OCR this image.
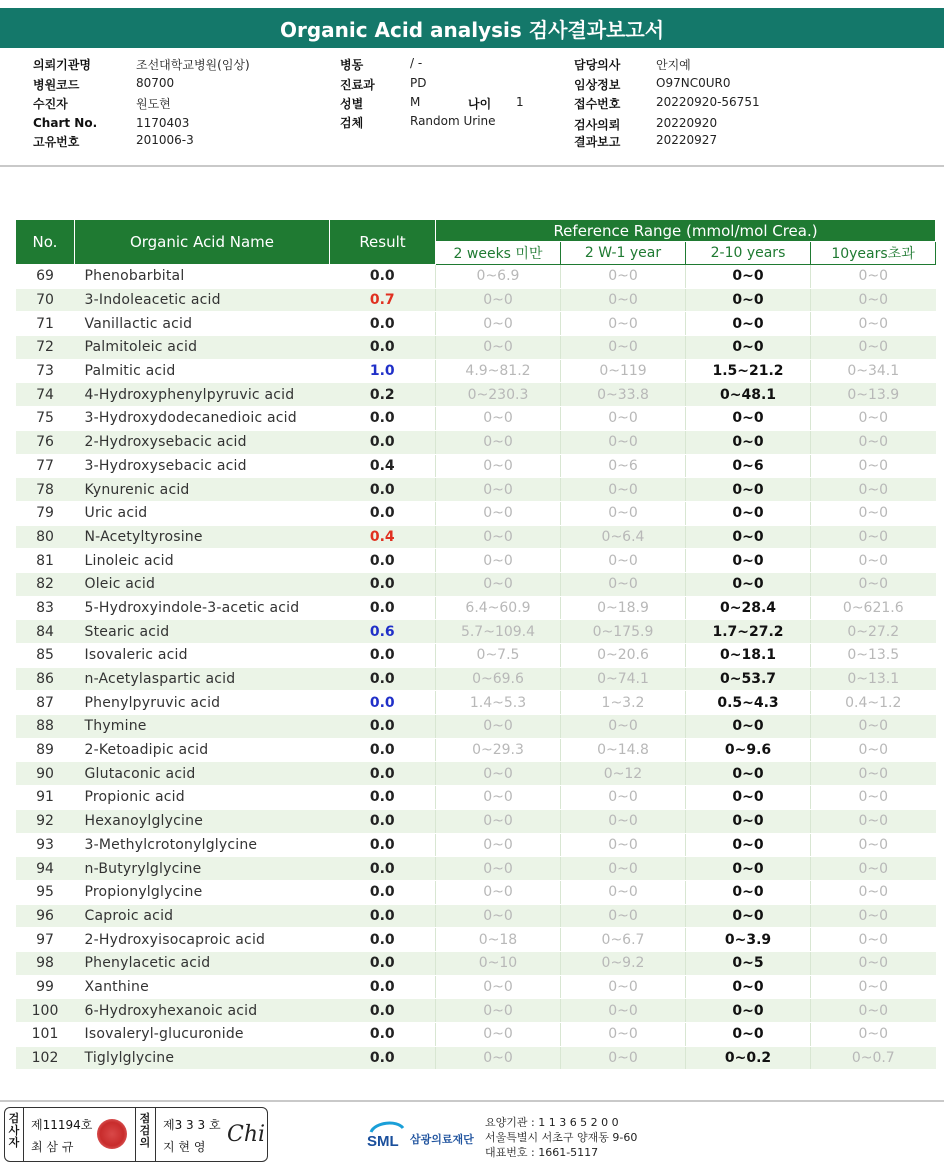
Organic Acid analysis 검사결과보고서
의뢰기관명	조선대학교병원(임상)
병원코드	80700
수진자	원도현
Chart No.	1170403
고유번호	201006-3
병동	/ -
진료과	PD
성별	M	나이 1
검체	Random Urine
담당의사	안지예
임상정보	O97NC0UR0
접수번호	20220920-56751
검사의뢰	20220920
결과보고	20220927
No.	Organic Acid Name	Result	Reference Range (mmol/mol Crea.)			
			2 weeks 미만	2 W-1 year	2-10 years	10years초과
69	Phenobarbital	0.0	0~6.9	0~0	0~0	0~0
70	3-Indoleacetic acid	0.7	0~0	0~0	0~0	0~0
71	Vanillactic acid	0.0	0~0	0~0	0~0	0~0
72	Palmitoleic acid	0.0	0~0	0~0	0~0	0~0
73	Palmitic acid	1.0	4.9~81.2	0~119	1.5~21.2	0~34.1
74	4-Hydroxyphenylpyruvic acid	0.2	0~230.3	0~33.8	0~48.1	0~13.9
75	3-Hydroxydodecanedioic acid	0.0	0~0	0~0	0~0	0~0
76	2-Hydroxysebacic acid	0.0	0~0	0~0	0~0	0~0
77	3-Hydroxysebacic acid	0.4	0~0	0~6	0~6	0~0
78	Kynurenic acid	0.0	0~0	0~0	0~0	0~0
79	Uric acid	0.0	0~0	0~0	0~0	0~0
80	N-Acetyltyrosine	0.4	0~0	0~6.4	0~0	0~0
81	Linoleic acid	0.0	0~0	0~0	0~0	0~0
82	Oleic acid	0.0	0~0	0~0	0~0	0~0
83	5-Hydroxyindole-3-acetic acid	0.0	6.4~60.9	0~18.9	0~28.4	0~621.6
84	Stearic acid	0.6	5.7~109.4	0~175.9	1.7~27.2	0~27.2
85	Isovaleric acid	0.0	0~7.5	0~20.6	0~18.1	0~13.5
86	n-Acetylaspartic acid	0.0	0~69.6	0~74.1	0~53.7	0~13.1
87	Phenylpyruvic acid	0.0	1.4~5.3	1~3.2	0.5~4.3	0.4~1.2
88	Thymine	0.0	0~0	0~0	0~0	0~0
89	2-Ketoadipic acid	0.0	0~29.3	0~14.8	0~9.6	0~0
90	Glutaconic acid	0.0	0~0	0~12	0~0	0~0
91	Propionic acid	0.0	0~0	0~0	0~0	0~0
92	Hexanoylglycine	0.0	0~0	0~0	0~0	0~0
93	3-Methylcrotonylglycine	0.0	0~0	0~0	0~0	0~0
94	n-Butyrylglycine	0.0	0~0	0~0	0~0	0~0
95	Propionylglycine	0.0	0~0	0~0	0~0	0~0
96	Caproic acid	0.0	0~0	0~0	0~0	0~0
97	2-Hydroxyisocaproic acid	0.0	0~18	0~6.7	0~3.9	0~0
98	Phenylacetic acid	0.0	0~10	0~9.2	0~5	0~0
99	Xanthine	0.0	0~0	0~0	0~0	0~0
100	6-Hydroxyhexanoic acid	0.0	0~0	0~0	0~0	0~0
101	Isovaleryl-glucuronide	0.0	0~0	0~0	0~0	0~0
102	Tiglylglycine	0.0	0~0	0~0	0~0.2	0~0.7
검사자
제11194호
최 삼 규
점검의
제3 3 3 호
지 현 영 Chi	SML 삼광의료재단
요양기관 : 1 1 3 6 5 2 0 0
서울특별시 서초구 양재동 9-60
대표번호 : 1661-5117
